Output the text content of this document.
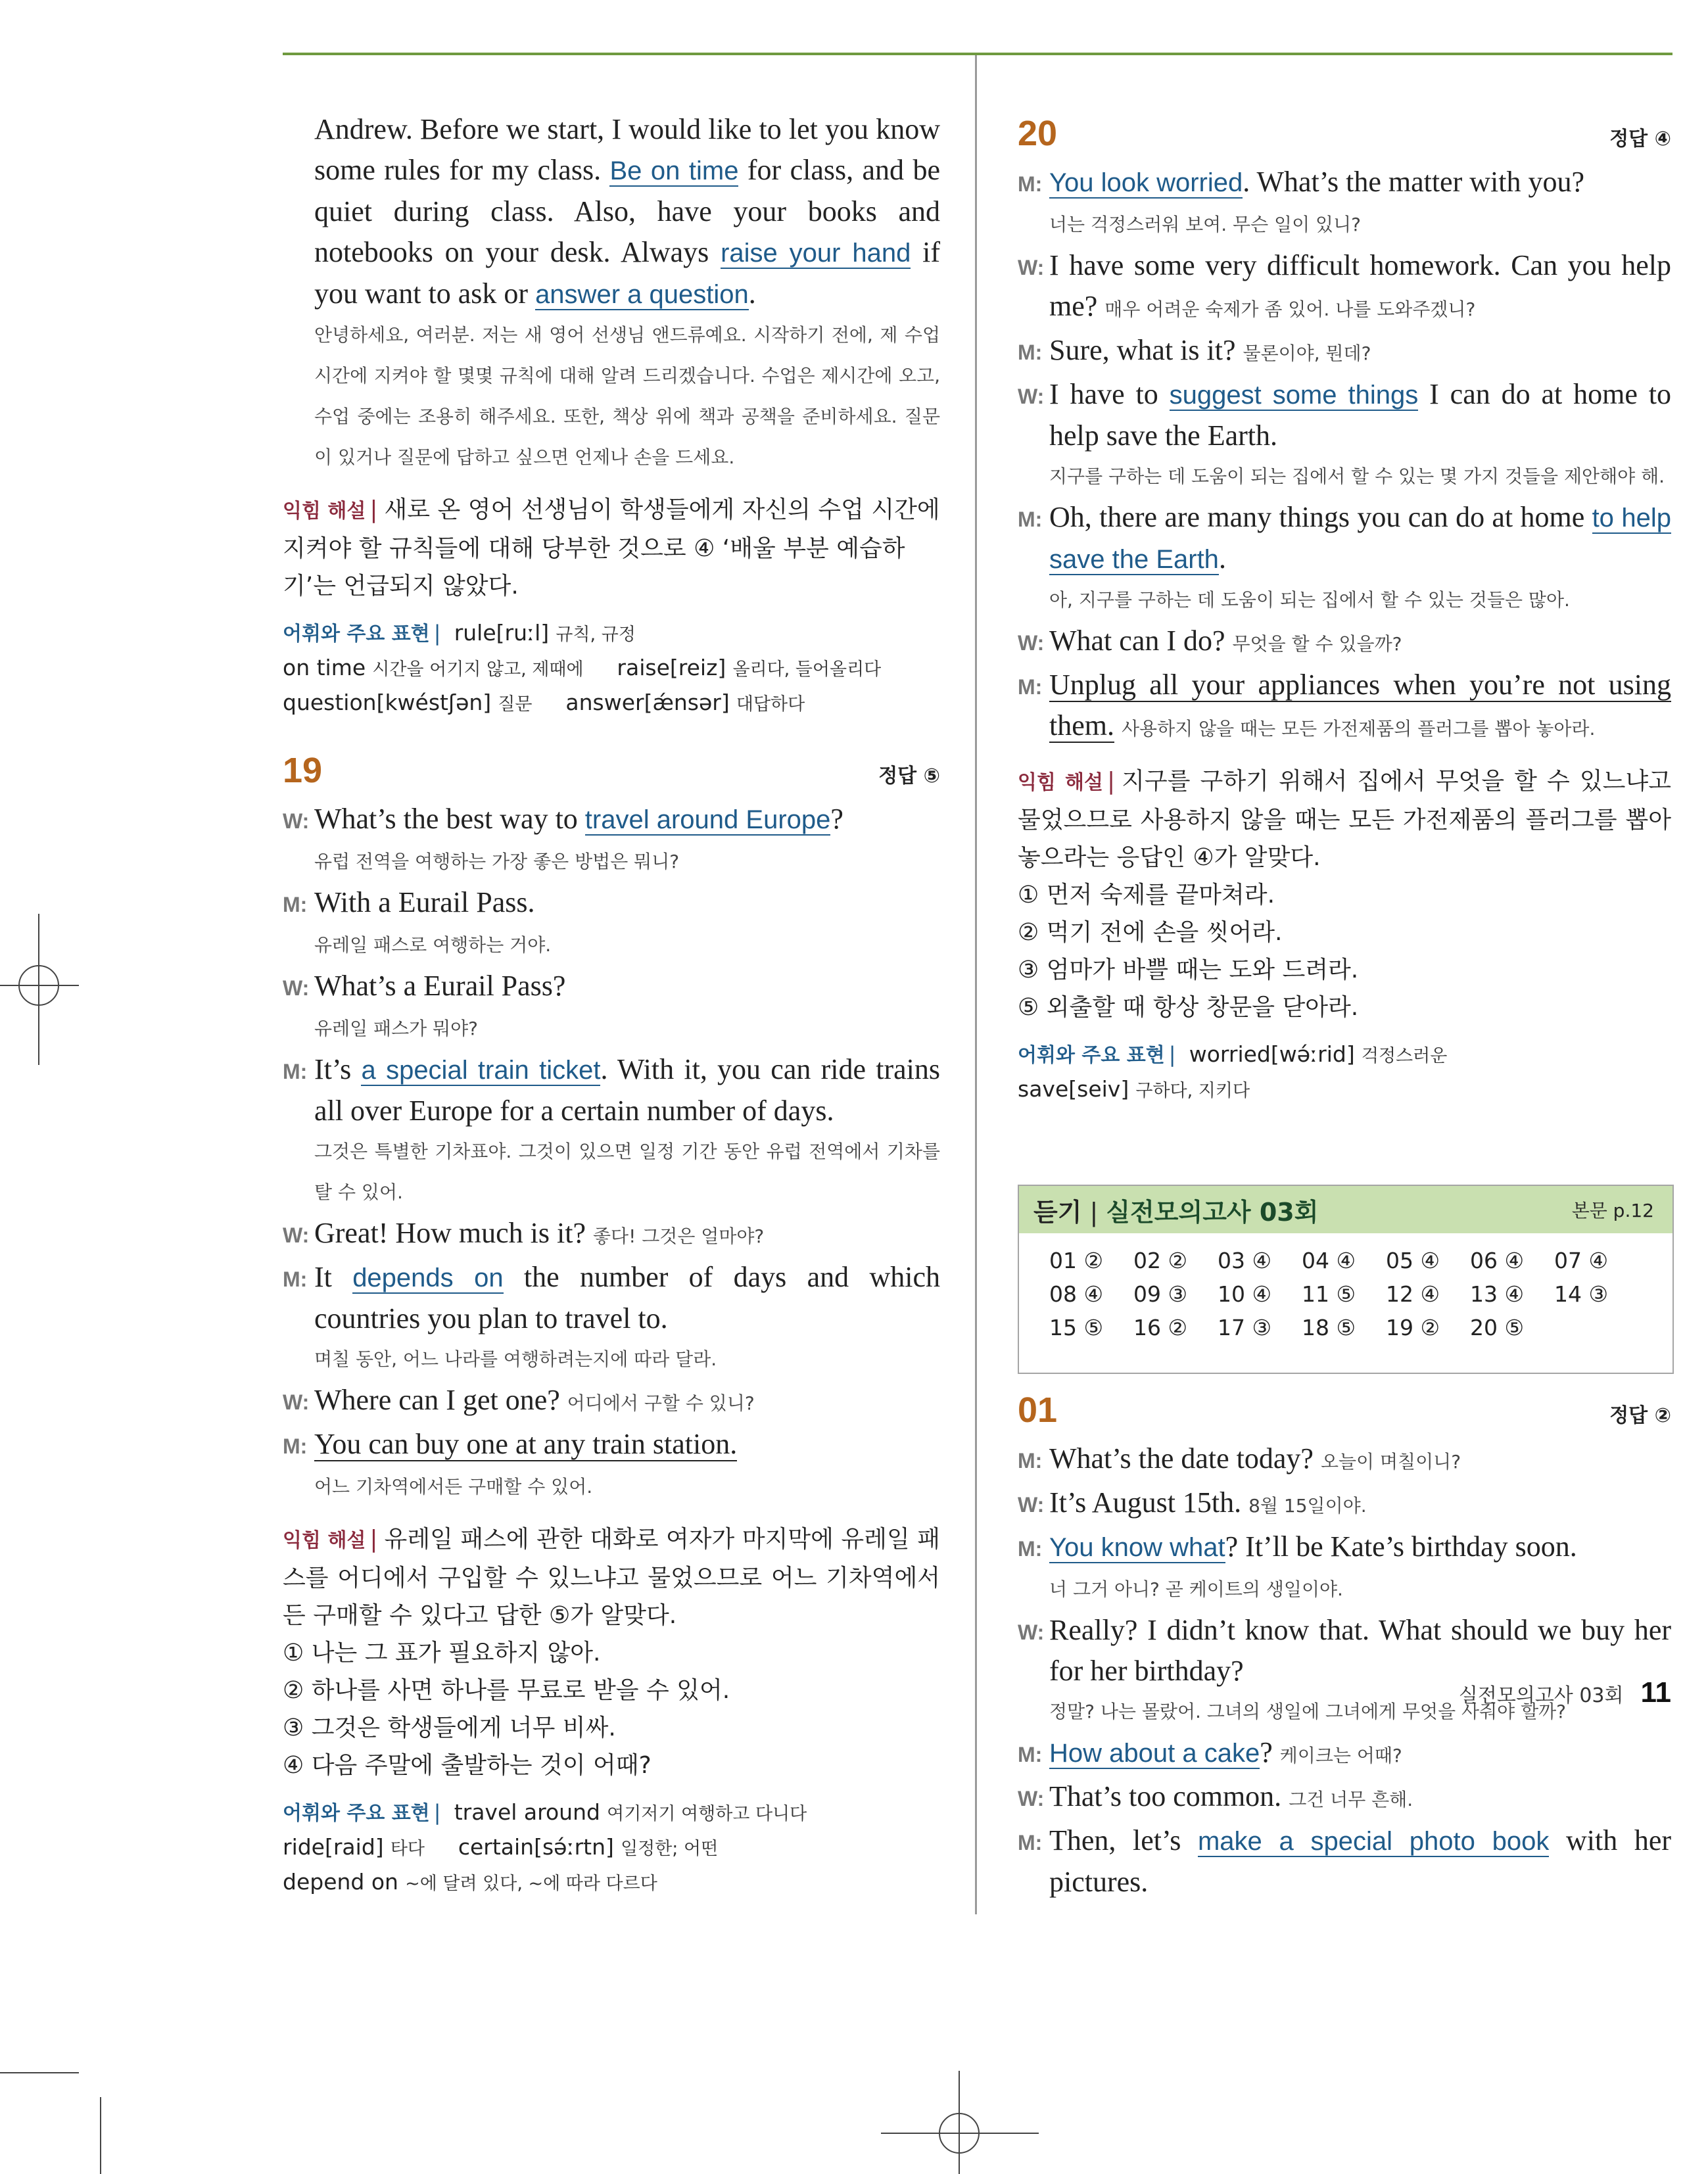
Andrew. Before we start, I would like to let you know some rules for my class. Be on time for class, and be quiet during class. Also, have your books and notebooks on your desk. Always raise your hand if you want to ask or answer a question.

안녕하세요, 여러분. 저는 새 영어 선생님 앤드류예요. 시작하기 전에, 제 수업 시간에 지켜야 할 몇몇 규칙에 대해 알려 드리겠습니다. 수업은 제시간에 오고, 수업 중에는 조용히 해주세요. 또한, 책상 위에 책과 공책을 준비하세요. 질문이 있거나 질문에 답하고 싶으면 언제나 손을 드세요.

익힘 해설 | 새로 온 영어 선생님이 학생들에게 자신의 수업 시간에 지켜야 할 규칙들에 대해 당부한 것으로 ④ ‘배울 부분 예습하기’는 언급되지 않았다.
어휘와 주요 표현 | rule[ruːl] 규칙, 규정
on time 시간을 어기지 않고, 제때에 raise[reiz] 올리다, 들어올리다
question[kwéstʃən] 질문 answer[ǽnsər] 대답하다
19	정답 ⑤
W: What’s the best way to travel around Europe?
유럽 전역을 여행하는 가장 좋은 방법은 뭐니?
M: With a Eurail Pass.
유레일 패스로 여행하는 거야.
W: What’s a Eurail Pass?
유레일 패스가 뭐야?
M: It’s a special train ticket. With it, you can ride trains all over Europe for a certain number of days.
그것은 특별한 기차표야. 그것이 있으면 일정 기간 동안 유럽 전역에서 기차를 탈 수 있어.
W: Great! How much is it? 좋다! 그것은 얼마야?
M: It depends on the number of days and which countries you plan to travel to.
며칠 동안, 어느 나라를 여행하려는지에 따라 달라.
W: Where can I get one? 어디에서 구할 수 있니?
M: You can buy one at any train station.
어느 기차역에서든 구매할 수 있어.
익힘 해설 | 유레일 패스에 관한 대화로 여자가 마지막에 유레일 패스를 어디에서 구입할 수 있느냐고 물었으므로 어느 기차역에서든 구매할 수 있다고 답한 ⑤가 알맞다.
① 나는 그 표가 필요하지 않아.
② 하나를 사면 하나를 무료로 받을 수 있어.
③ 그것은 학생들에게 너무 비싸.
④ 다음 주말에 출발하는 것이 어때?
어휘와 주요 표현 | travel around 여기저기 여행하고 다니다
ride[raid] 타다 certain[sə́ːrtn] 일정한; 어떤
depend on ~에 달려 있다, ~에 따라 다르다
20	정답 ④
M: You look worried. What’s the matter with you?
너는 걱정스러워 보여. 무슨 일이 있니?
W: I have some very difficult homework. Can you help me? 매우 어려운 숙제가 좀 있어. 나를 도와주겠니?
M: Sure, what is it? 물론이야, 뭔데?
W: I have to suggest some things I can do at home to help save the Earth.
지구를 구하는 데 도움이 되는 집에서 할 수 있는 몇 가지 것들을 제안해야 해.
M: Oh, there are many things you can do at home to help save the Earth.
아, 지구를 구하는 데 도움이 되는 집에서 할 수 있는 것들은 많아.
W: What can I do? 무엇을 할 수 있을까?
M: Unplug all your appliances when you’re not using them. 사용하지 않을 때는 모든 가전제품의 플러그를 뽑아 놓아라.
익힘 해설 | 지구를 구하기 위해서 집에서 무엇을 할 수 있느냐고 물었으므로 사용하지 않을 때는 모든 가전제품의 플러그를 뽑아 놓으라는 응답인 ④가 알맞다.
① 먼저 숙제를 끝마쳐라.
② 먹기 전에 손을 씻어라.
③ 엄마가 바쁠 때는 도와 드려라.
⑤ 외출할 때 항상 창문을 닫아라.
어휘와 주요 표현 | worried[wə́ːrid] 걱정스러운
save[seiv] 구하다, 지키다
듣기 | 실전모의고사 03회	본문 p.12
01 ②	02 ②	03 ④	04 ④	05 ④	06 ④	07 ④
08 ④	09 ③	10 ④	11 ⑤	12 ④	13 ④	14 ③
15 ⑤	16 ②	17 ③	18 ⑤	19 ②	20 ⑤
01	정답 ②
M: What’s the date today? 오늘이 며칠이니?
W: It’s August 15th. 8월 15일이야.
M: You know what? It’ll be Kate’s birthday soon.
너 그거 아니? 곧 케이트의 생일이야.
W: Really? I didn’t know that. What should we buy her for her birthday?
정말? 나는 몰랐어. 그녀의 생일에 그녀에게 무엇을 사줘야 할까?
M: How about a cake? 케이크는 어때?
W: That’s too common. 그건 너무 흔해.
M: Then, let’s make a special photo book with her pictures.
실전모의고사 03회 11
